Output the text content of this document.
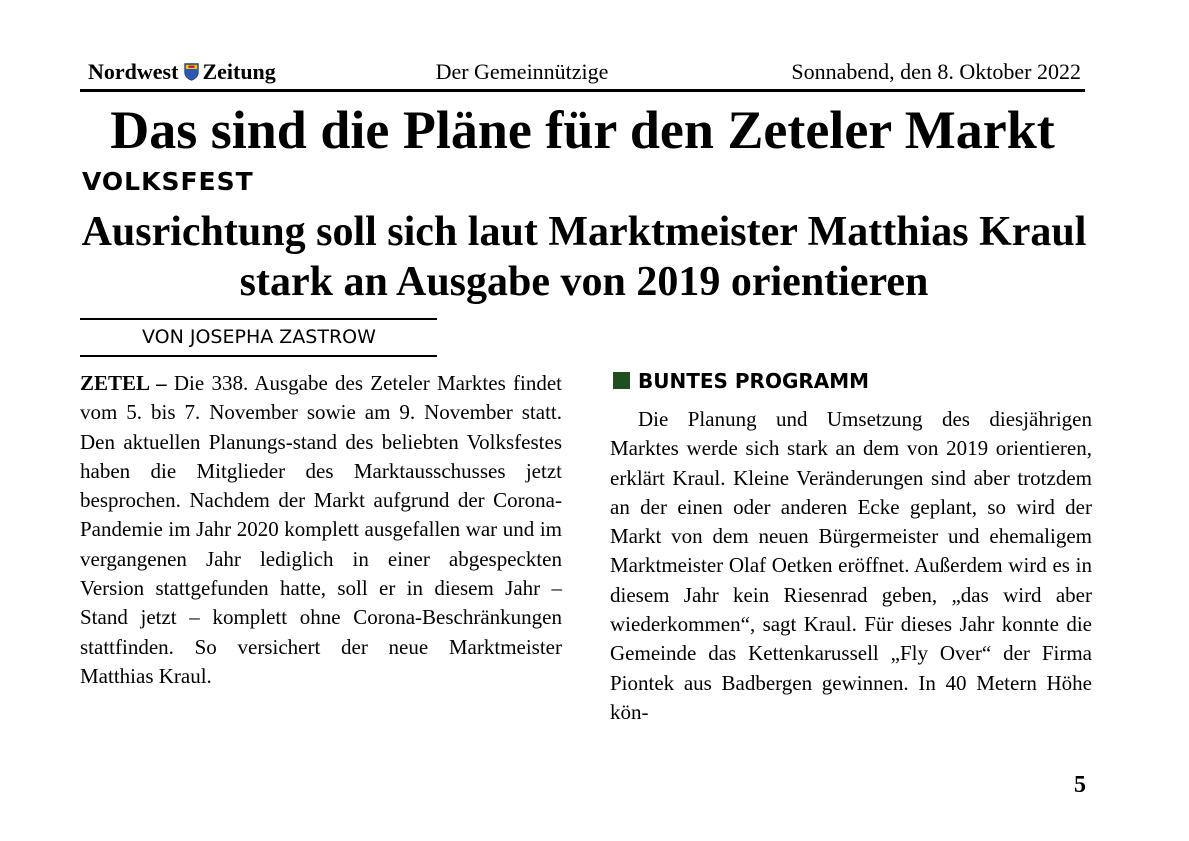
Nordwest Zeitung	Der Gemeinnützige	Sonnabend, den 8. Oktober 2022
Das sind die Pläne für den Zeteler Markt
VOLKSFEST
Ausrichtung soll sich laut Marktmeister Matthias Kraul stark an Ausgabe von 2019 orientieren
VON JOSEPHA ZASTROW
ZETEL – Die 338. Ausgabe des Zeteler Marktes findet vom 5. bis 7. November sowie am 9. November statt. Den aktuellen Planungs-stand des beliebten Volksfestes haben die Mitglieder des Marktausschusses jetzt besprochen. Nachdem der Markt aufgrund der Corona-Pandemie im Jahr 2020 komplett ausgefallen war und im vergangenen Jahr lediglich in einer abgespeckten Version stattgefunden hatte, soll er in diesem Jahr – Stand jetzt – komplett ohne Corona-Beschränkungen stattfinden. So versichert der neue Marktmeister Matthias Kraul.
BUNTES PROGRAMM
Die Planung und Umsetzung des diesjährigen Marktes werde sich stark an dem von 2019 orientieren, erklärt Kraul. Kleine Veränderungen sind aber trotzdem an der einen oder anderen Ecke geplant, so wird der Markt von dem neuen Bürgermeister und ehemaligem Marktmeister Olaf Oetken eröffnet. Außerdem wird es in diesem Jahr kein Riesenrad geben, „das wird aber wiederkommen“, sagt Kraul. Für dieses Jahr konnte die Gemeinde das Kettenkarussell „Fly Over“ der Firma Piontek aus Badbergen gewinnen. In 40 Metern Höhe kön-
5
